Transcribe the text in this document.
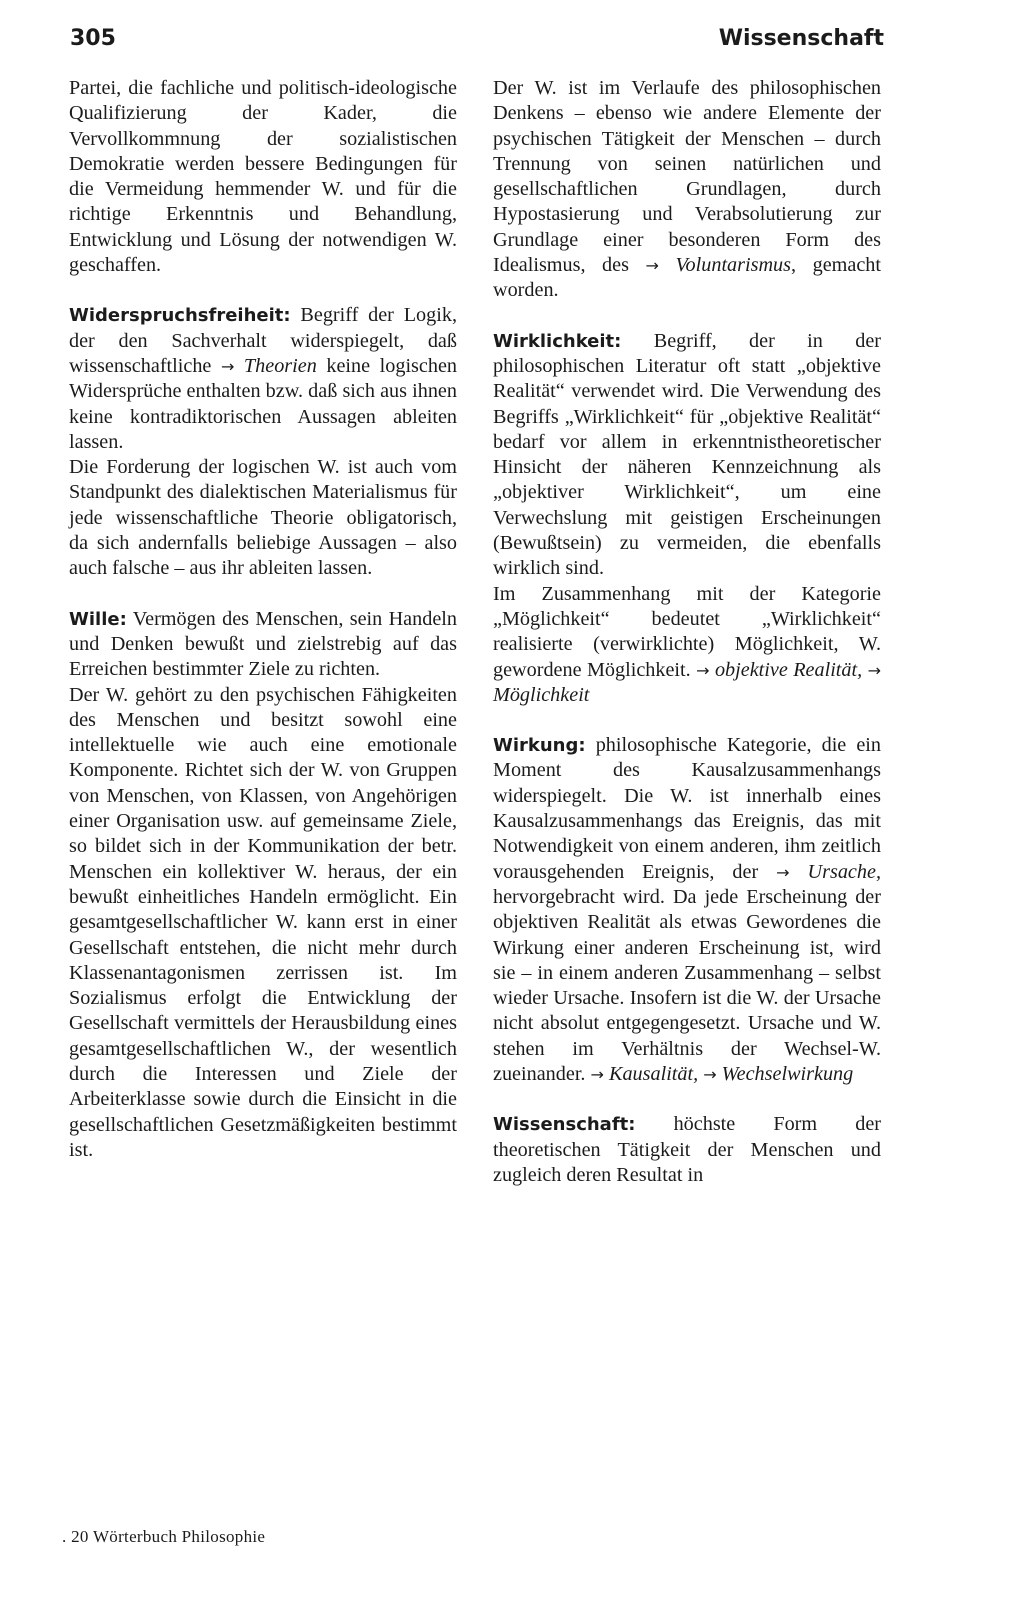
305	Wissenschaft

Partei, die fachliche und politisch-ideologische Qualifizierung der Kader, die Vervollkommnung der sozialistischen Demokratie werden bessere Bedingungen für die Vermeidung hemmender W. und für die richtige Erkenntnis und Behandlung, Entwicklung und Lösung der notwendigen W. geschaffen.

Widerspruchsfreiheit: Begriff der Logik, der den Sachverhalt widerspiegelt, daß wissenschaftliche → Theorien keine logischen Widersprüche enthalten bzw. daß sich aus ihnen keine kontradiktorischen Aussagen ableiten lassen.

Die Forderung der logischen W. ist auch vom Standpunkt des dialektischen Materialismus für jede wissenschaftliche Theorie obligatorisch, da sich andernfalls beliebige Aussagen – also auch falsche – aus ihr ableiten lassen.

Wille: Vermögen des Menschen, sein Handeln und Denken bewußt und zielstrebig auf das Erreichen bestimmter Ziele zu richten.

Der W. gehört zu den psychischen Fähigkeiten des Menschen und besitzt sowohl eine intellektuelle wie auch eine emotionale Komponente. Richtet sich der W. von Gruppen von Menschen, von Klassen, von Angehörigen einer Organisation usw. auf gemeinsame Ziele, so bildet sich in der Kommunikation der betr. Menschen ein kollektiver W. heraus, der ein bewußt einheitliches Handeln ermöglicht. Ein gesamtgesellschaftlicher W. kann erst in einer Gesellschaft entstehen, die nicht mehr durch Klassenantagonismen zerrissen ist. Im Sozialismus erfolgt die Entwicklung der Gesellschaft vermittels der Herausbildung eines gesamtgesellschaftlichen W., der wesentlich durch die Interessen und Ziele der Arbeiterklasse sowie durch die Einsicht in die gesellschaftlichen Gesetzmäßigkeiten bestimmt ist.

Der W. ist im Verlaufe des philosophischen Denkens – ebenso wie andere Elemente der psychischen Tätigkeit der Menschen – durch Trennung von seinen natürlichen und gesellschaftlichen Grundlagen, durch Hypostasierung und Verabsolutierung zur Grundlage einer besonderen Form des Idealismus, des → Voluntarismus, gemacht worden.

Wirklichkeit: Begriff, der in der philosophischen Literatur oft statt „objektive Realität“ verwendet wird. Die Verwendung des Begriffs „Wirklichkeit“ für „objektive Realität“ bedarf vor allem in erkenntnistheoretischer Hinsicht der näheren Kennzeichnung als „objektiver Wirklichkeit“, um eine Verwechslung mit geistigen Erscheinungen (Bewußtsein) zu vermeiden, die ebenfalls wirklich sind.

Im Zusammenhang mit der Kategorie „Möglichkeit“ bedeutet „Wirklichkeit“ realisierte (verwirklichte) Möglichkeit, W. gewordene Möglichkeit. → objektive Realität, → Möglichkeit

Wirkung: philosophische Kategorie, die ein Moment des Kausalzusammenhangs widerspiegelt. Die W. ist innerhalb eines Kausalzusammenhangs das Ereignis, das mit Notwendigkeit von einem anderen, ihm zeitlich vorausgehenden Ereignis, der → Ursache, hervorgebracht wird. Da jede Erscheinung der objektiven Realität als etwas Gewordenes die Wirkung einer anderen Erscheinung ist, wird sie – in einem anderen Zusammenhang – selbst wieder Ursache. Insofern ist die W. der Ursache nicht absolut entgegengesetzt. Ursache und W. stehen im Verhältnis der Wechsel-W. zueinander. → Kausalität, → Wechselwirkung

Wissenschaft: höchste Form der theoretischen Tätigkeit der Menschen und zugleich deren Resultat in

. 20 Wörterbuch Philosophie
